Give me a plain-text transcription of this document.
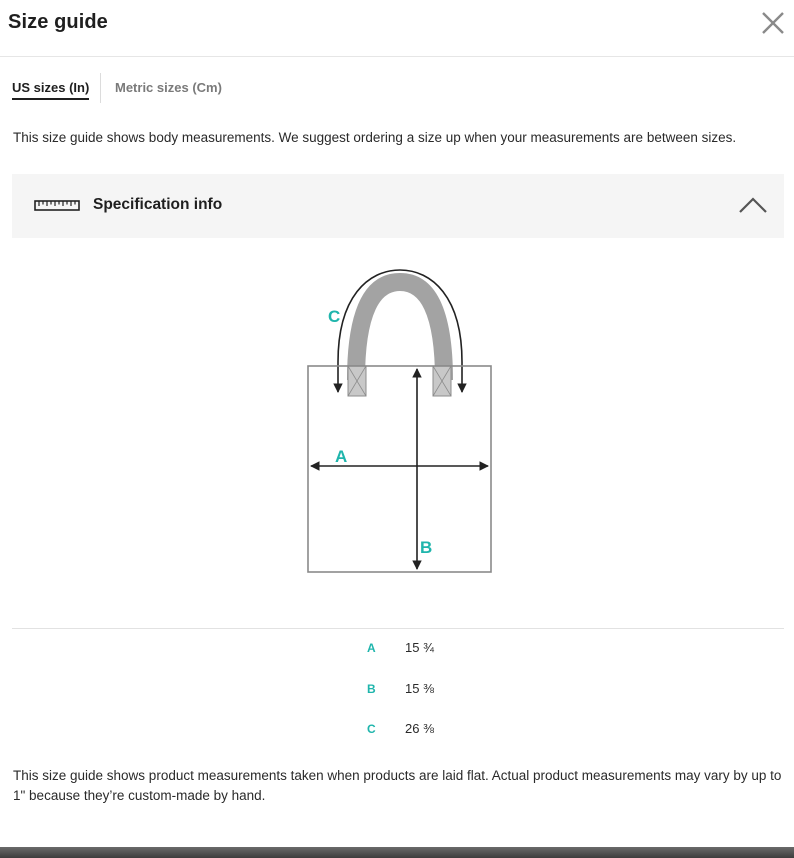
Size guide
US sizes (In) Metric sizes (Cm)
This size guide shows body measurements. We suggest ordering a size up when your measurements are between sizes.
Specification info
C
A
B
A	15 ¾
B	15 ⅜
C	26 ⅜
This size guide shows product measurements taken when products are laid flat. Actual product measurements may vary by up to 1" because they’re custom-made by hand.
